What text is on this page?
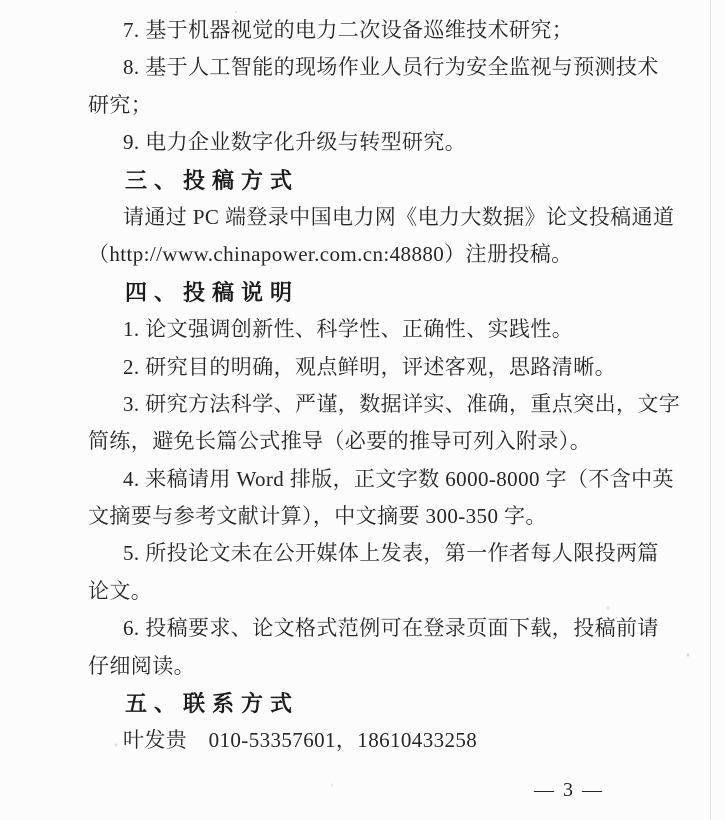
7. 基于机器视觉的电力二次设备巡维技术研究；
8. 基于人工智能的现场作业人员行为安全监视与预测技术
研究；
9. 电力企业数字化升级与转型研究。
三、投稿方式
请通过 PC 端登录中国电力网《电力大数据》论文投稿通道
（http://www.chinapower.com.cn:48880）注册投稿。
四、投稿说明
1. 论文强调创新性、科学性、正确性、实践性。
2. 研究目的明确，观点鲜明，评述客观，思路清晰。
3. 研究方法科学、严谨，数据详实、准确，重点突出，文字
简练，避免长篇公式推导（必要的推导可列入附录）。
4. 来稿请用 Word 排版，正文字数 6000-8000 字（不含中英
文摘要与参考文献计算），中文摘要 300-350 字。
5. 所投论文未在公开媒体上发表，第一作者每人限投两篇
论文。
6. 投稿要求、论文格式范例可在登录页面下载，投稿前请
仔细阅读。
五、联系方式
叶发贵　010-53357601，18610433258
— 3 —
